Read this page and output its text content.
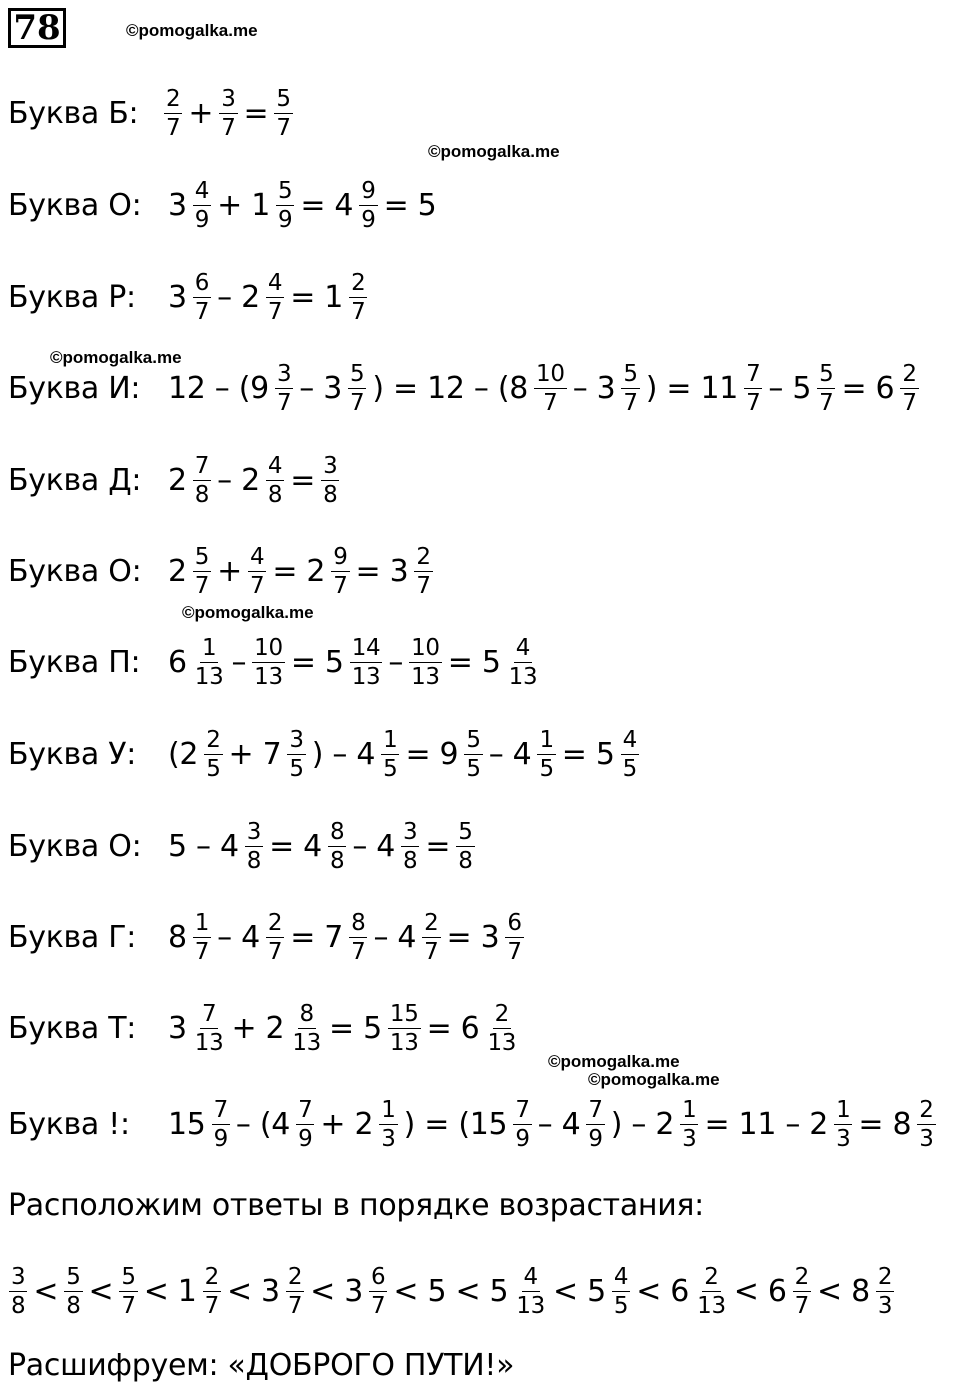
78	©pomogalka.me
©pomogalka.me
©pomogalka.me
©pomogalka.me
©pomogalka.me
©pomogalka.me
Буква Б:	$\frac{2}{7} + \frac{3}{7} = \frac{5}{7}$
Буква О: $3 \frac{4}{9} + 1 \frac{5}{9} = 4 \frac{9}{9} = 5$
Буква Р:	$3 \frac{6}{7} - 2 \frac{4}{7} = 1 \frac{2}{7}$
Буква И: $12 - (9 \frac{3}{7} - 3 \frac{5}{7}$ ) = $12 - (8 \frac{10}{7} - 3 \frac{5}{7}$ ) = $11 \frac{7}{7} - 5 \frac{5}{7} = 6 \frac{2}{7}$
Буква Д: $2 \frac{7}{8} - 2 \frac{4}{8} = \frac{3}{8}$
Буква О: $2 \frac{5}{7} + \frac{4}{7} = 2 \frac{9}{7} = 3 \frac{2}{7}$
Буква П: $6 \frac{1}{13} - \frac{10}{13} = 5 \frac{14}{13} - \frac{10}{13} = 5 \frac{4}{13}$
Буква У:	($2 \frac{2}{5} + 7 \frac{3}{5}$ ) – $4 \frac{1}{5} = 9 \frac{5}{5} - 4 \frac{1}{5} = 5 \frac{4}{5}$
Буква О: $5 - 4 \frac{3}{8} = 4 \frac{8}{8} - 4 \frac{3}{8} = \frac{5}{8}$
Буква Г:	$8 \frac{1}{7} - 4 \frac{2}{7} = 7 \frac{8}{7} - 4 \frac{2}{7} = 3 \frac{6}{7}$
Буква Т:	$3 \frac{7}{13} + 2 \frac{8}{13} = 5 \frac{15}{13} = 6 \frac{2}{13}$
Буква !:	$15 \frac{7}{9} - (4 \frac{7}{9} + 2 \frac{1}{3}$ ) = ($15 \frac{7}{9} - 4 \frac{7}{9}$ ) – $2 \frac{1}{3} = 11 - 2 \frac{1}{3} = 8 \frac{2}{3}$
Расположим ответы в порядке возрастания:
$\frac{3}{8} < \frac{5}{8} < \frac{5}{7} < 1 \frac{2}{7} < 3 \frac{2}{7} < 3 \frac{6}{7} < 5 < 5 \frac{4}{13} < 5 \frac{4}{5} < 6 \frac{2}{13} < 6 \frac{2}{7} < 8 \frac{2}{3}$
Расшифруем: «ДОБРОГО ПУТИ!»
